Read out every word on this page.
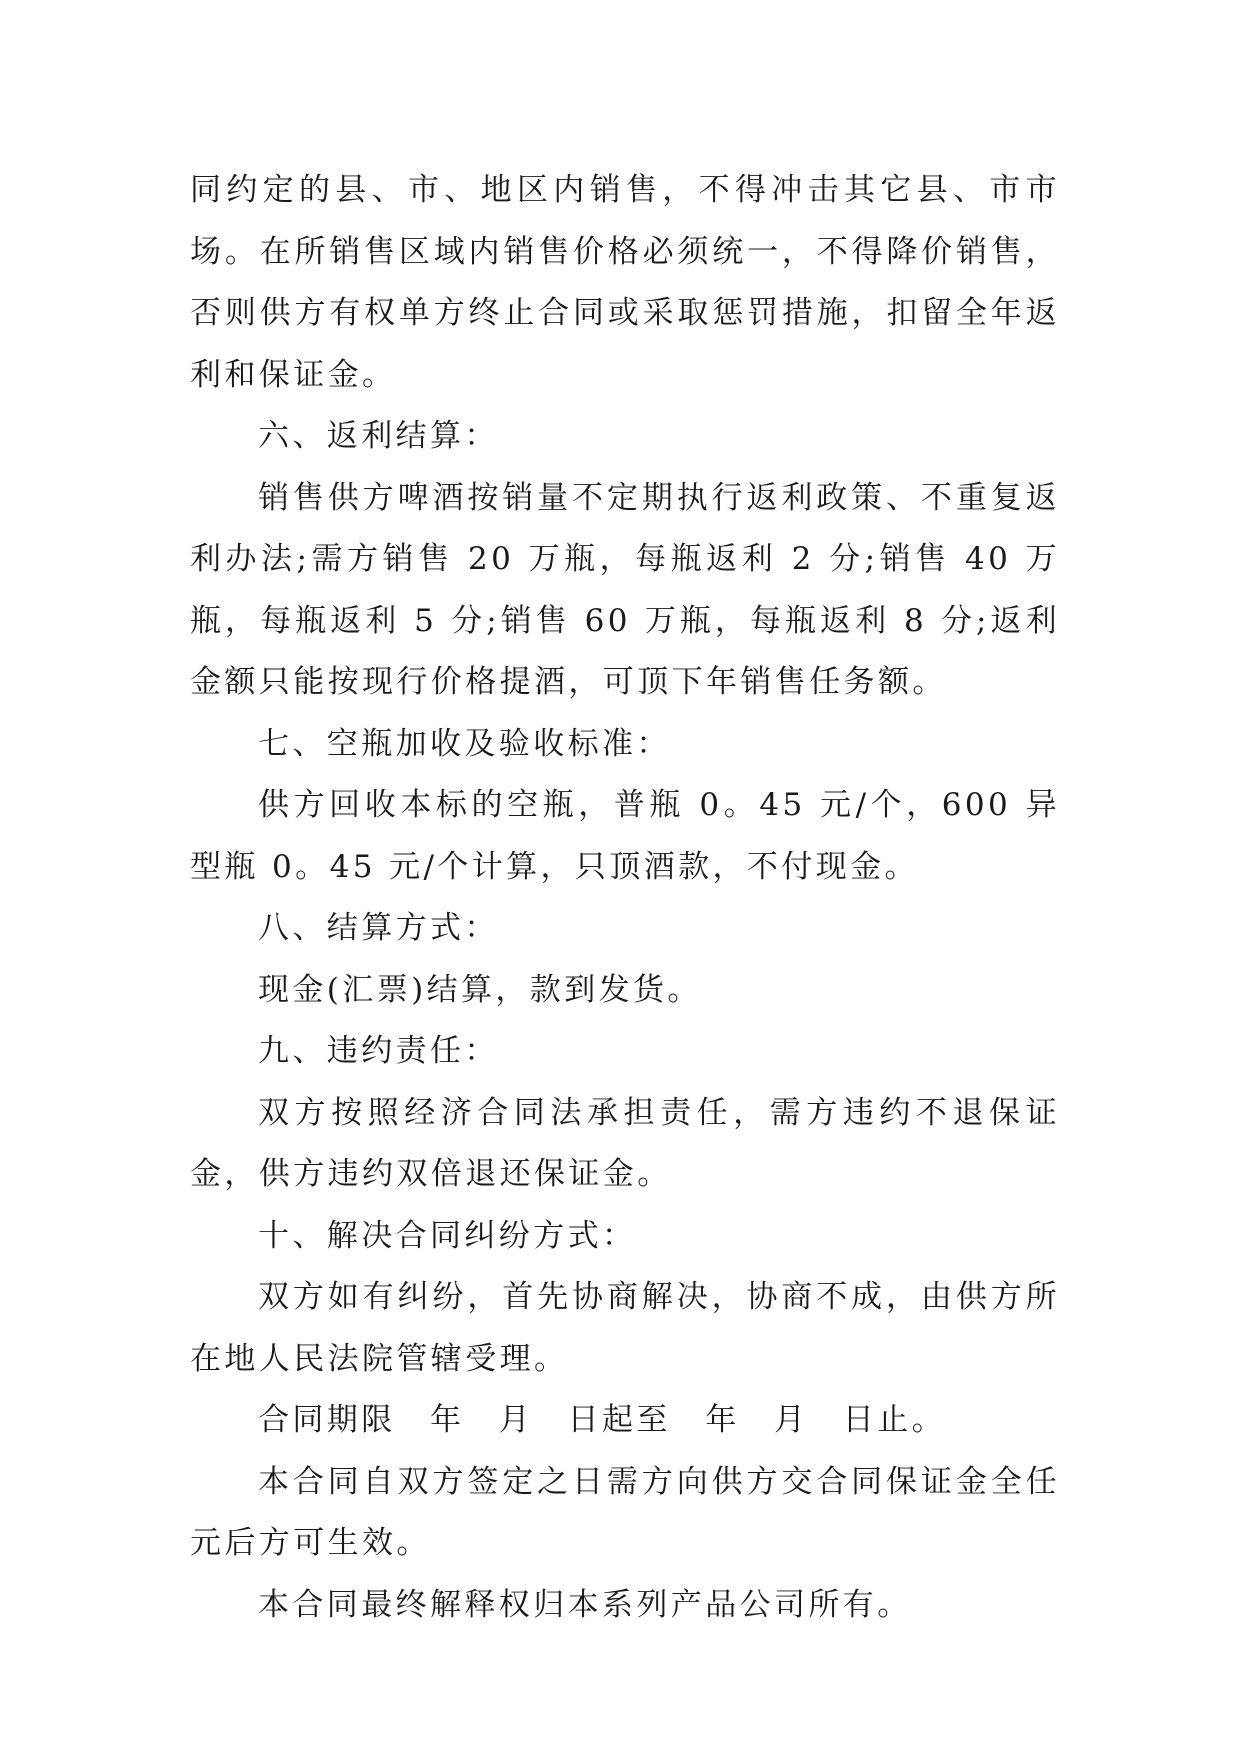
同约定的县、市、地区内销售，不得冲击其它县、市市场。在所销售区域内销售价格必须统一，不得降价销售，否则供方有权单方终止合同或采取惩罚措施，扣留全年返利和保证金。

六、返利结算：

销售供方啤酒按销量不定期执行返利政策、不重复返利办法;需方销售 20 万瓶，每瓶返利 2 分;销售 40 万瓶，每瓶返利 5 分;销售 60 万瓶，每瓶返利 8 分;返利金额只能按现行价格提酒，可顶下年销售任务额。

七、空瓶加收及验收标准：

供方回收本标的空瓶，普瓶 0。45 元/个，600 异型瓶 0。45 元/个计算，只顶酒款，不付现金。

八、结算方式：

现金(汇票)结算，款到发货。

九、违约责任：

双方按照经济合同法承担责任，需方违约不退保证金，供方违约双倍退还保证金。

十、解决合同纠纷方式：

双方如有纠纷，首先协商解决，协商不成，由供方所在地人民法院管辖受理。

合同期限　年　月　日起至　年　月　日止。

本合同自双方签定之日需方向供方交合同保证金全任元后方可生效。

本合同最终解释权归本系列产品公司所有。
